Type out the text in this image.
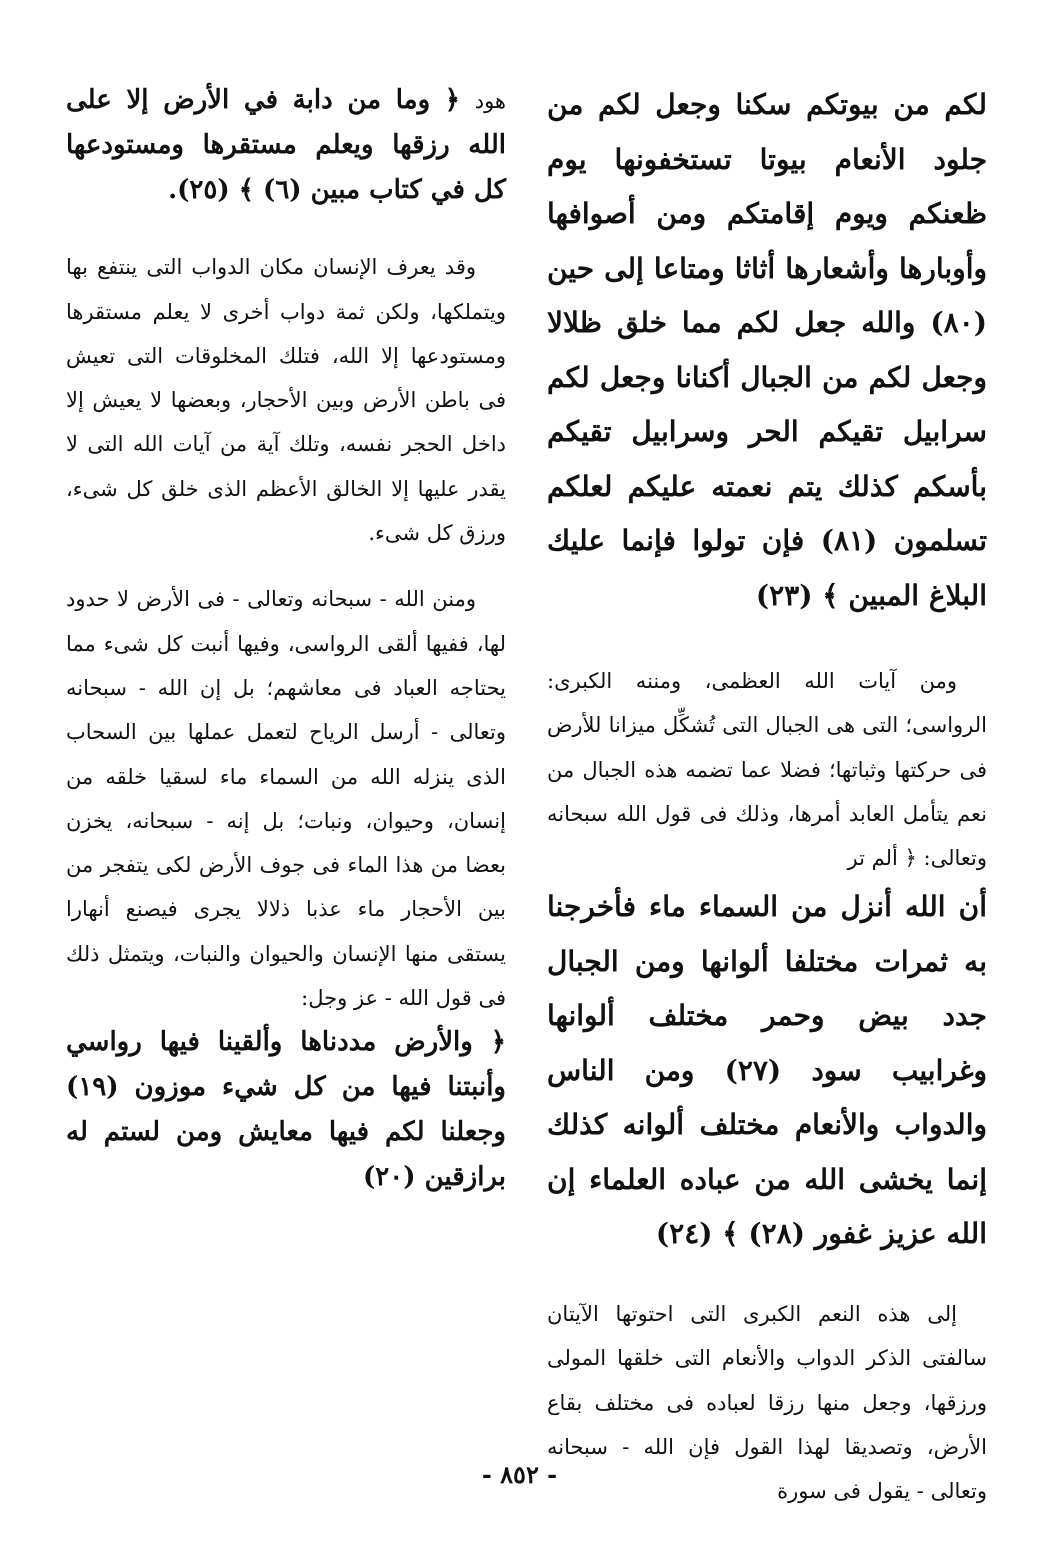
لكم من بيوتكم سكنا وجعل لكم من جلود الأنعام بيوتا تستخفونها يوم ظعنكم ويوم إقامتكم ومن أصوافها وأوبارها وأشعارها أثاثا ومتاعا إلى حين (٨٠) والله جعل لكم مما خلق ظلالا وجعل لكم من الجبال أكنانا وجعل لكم سرابيل تقيكم الحر وسرابيل تقيكم بأسكم كذلك يتم نعمته عليكم لعلكم تسلمون (٨١) فإن تولوا فإنما عليك البلاغ المبين ﴾ (٢٣)

ومن آيات الله العظمى، ومننه الكبرى: الرواسى؛ التى هى الجبال التى تُشكِّل ميزانا للأرض فى حركتها وثباتها؛ فضلا عما تضمه هذه الجبال من نعم يتأمل العابد أمرها، وذلك فى قول الله سبحانه وتعالى: ﴿ ألم تر

أن الله أنزل من السماء ماء فأخرجنا به ثمرات مختلفا ألوانها ومن الجبال جدد بيض وحمر مختلف ألوانها وغرابيب سود (٢٧) ومن الناس والدواب والأنعام مختلف ألوانه كذلك إنما يخشى الله من عباده العلماء إن الله عزيز غفور (٢٨) ﴾ (٢٤)

إلى هذه النعم الكبرى التى احتوتها الآيتان سالفتى الذكر الدواب والأنعام التى خلقها المولى ورزقها، وجعل منها رزقا لعباده فى مختلف بقاع الأرض، وتصديقا لهذا القول فإن الله - سبحانه وتعالى - يقول فى سورة

هود ﴿ وما من دابة في الأرض إلا على الله رزقها ويعلم مستقرها ومستودعها كل في كتاب مبين (٦) ﴾ (٢٥).

وقد يعرف الإنسان مكان الدواب التى ينتفع بها ويتملكها، ولكن ثمة دواب أخرى لا يعلم مستقرها ومستودعها إلا الله، فتلك المخلوقات التى تعيش فى باطن الأرض وبين الأحجار، وبعضها لا يعيش إلا داخل الحجر نفسه، وتلك آية من آيات الله التى لا يقدر عليها إلا الخالق الأعظم الذى خلق كل شىء، ورزق كل شىء.

ومنن الله - سبحانه وتعالى - فى الأرض لا حدود لها، ففيها ألقى الرواسى، وفيها أنبت كل شىء مما يحتاجه العباد فى معاشهم؛ بل إن الله - سبحانه وتعالى - أرسل الرياح لتعمل عملها بين السحاب الذى ينزله الله من السماء ماء لسقيا خلقه من إنسان، وحيوان، ونبات؛ بل إنه - سبحانه، يخزن بعضا من هذا الماء فى جوف الأرض لكى يتفجر من بين الأحجار ماء عذبا ذلالا يجرى فيصنع أنهارا يستقى منها الإنسان والحيوان والنبات، ويتمثل ذلك فى قول الله - عز وجل:

﴿ والأرض مددناها وألقينا فيها رواسي وأنبتنا فيها من كل شيء موزون (١٩) وجعلنا لكم فيها معايش ومن لستم له برازقين (٢٠)

- ٨٥٢ -
